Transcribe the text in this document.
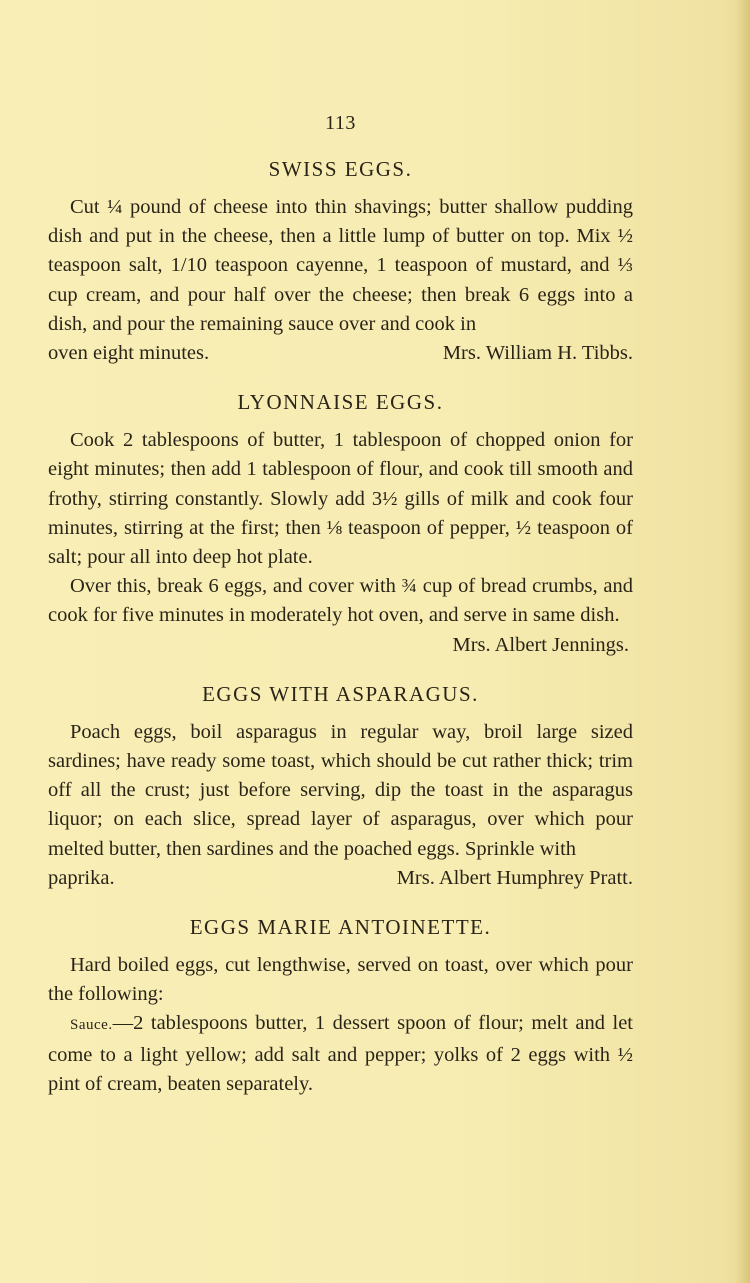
113
SWISS EGGS.

Cut ¼ pound of cheese into thin shavings; butter shallow pudding dish and put in the cheese, then a little lump of butter on top. Mix ½ teaspoon salt, 1/10 teaspoon cayenne, 1 teaspoon of mustard, and ⅓ cup cream, and pour half over the cheese; then break 6 eggs into a dish, and pour the remaining sauce over and cook in

oven eight minutes.	Mrs. William H. Tibbs.
LYONNAISE EGGS.

Cook 2 tablespoons of butter, 1 tablespoon of chopped onion for eight minutes; then add 1 tablespoon of flour, and cook till smooth and frothy, stirring constantly. Slowly add 3½ gills of milk and cook four minutes, stirring at the first; then ⅛ teaspoon of pepper, ½ teaspoon of salt; pour all into deep hot plate.

Over this, break 6 eggs, and cover with ¾ cup of bread crumbs, and cook for five minutes in moderately hot oven, and serve in same dish.

Mrs. Albert Jennings.
EGGS WITH ASPARAGUS.

Poach eggs, boil asparagus in regular way, broil large sized sardines; have ready some toast, which should be cut rather thick; trim off all the crust; just before serving, dip the toast in the asparagus liquor; on each slice, spread layer of asparagus, over which pour melted butter, then sardines and the poached eggs. Sprinkle with

paprika.	Mrs. Albert Humphrey Pratt.
EGGS MARIE ANTOINETTE.

Hard boiled eggs, cut lengthwise, served on toast, over which pour the following:

Sauce.—2 tablespoons butter, 1 dessert spoon of flour; melt and let come to a light yellow; add salt and pepper; yolks of 2 eggs with ½ pint of cream, beaten separately.
